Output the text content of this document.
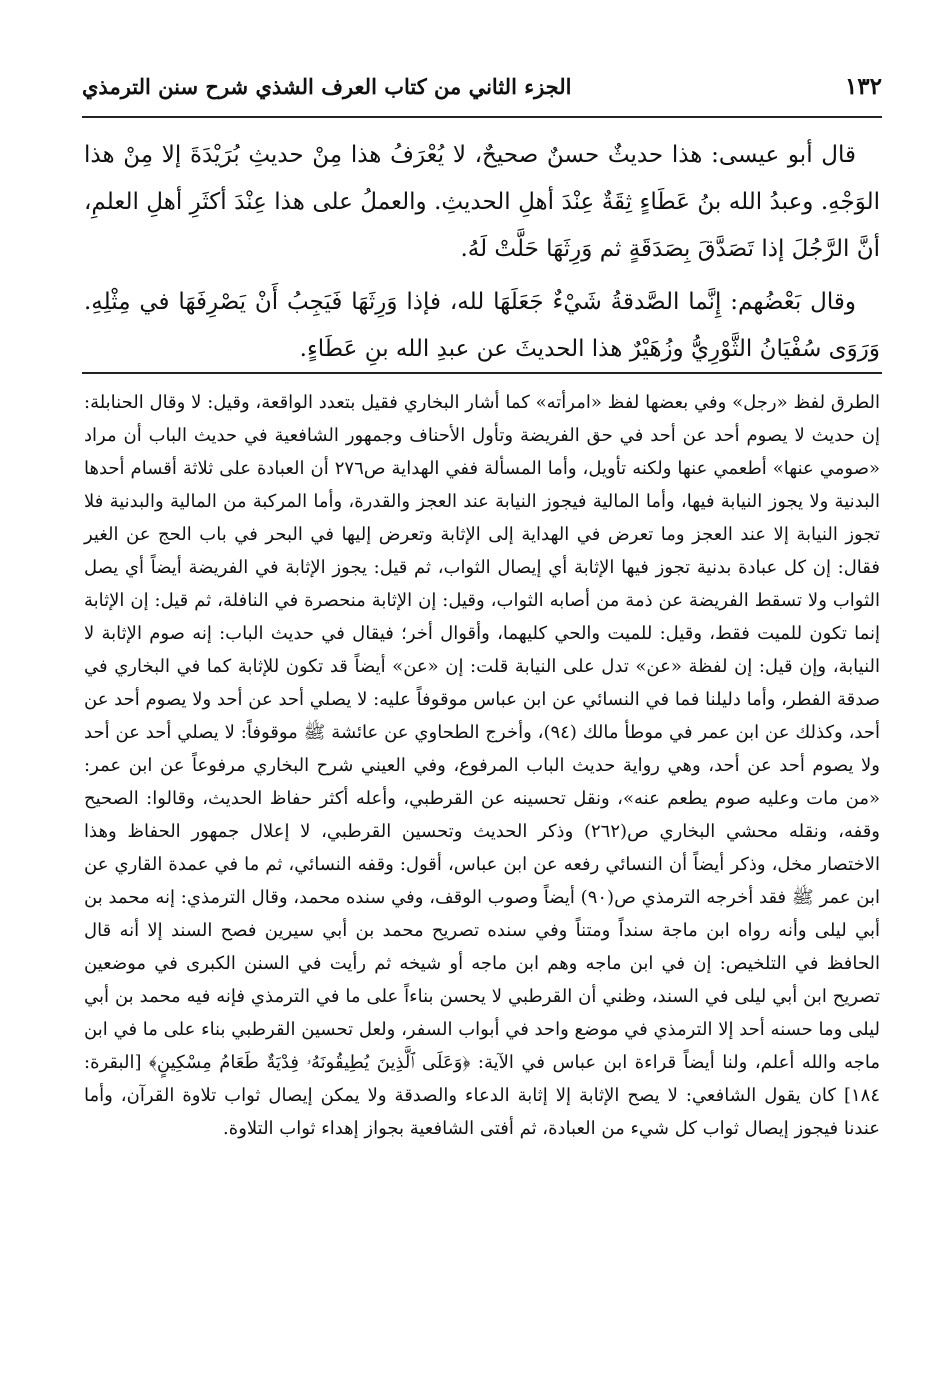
١٣٢
الجزء الثاني من كتاب العرف الشذي شرح سنن الترمذي

قال أبو عيسى: هذا حديثٌ حسنٌ صحيحٌ، لا يُعْرَفُ هذا مِنْ حديثِ بُرَيْدَةَ إلا مِنْ هذا الوَجْهِ. وعبدُ الله بنُ عَطَاءٍ ثِقَةٌ عِنْدَ أهلِ الحديثِ. والعملُ على هذا عِنْدَ أكثَرِ أهلِ العلمِ، أنَّ الرَّجُلَ إذا تَصَدَّقَ بِصَدَقَةٍ ثم وَرِثَهَا حَلَّتْ لَهُ.

وقال بَعْضُهم: إِنَّما الصَّدقةُ شَيْءٌ جَعَلَهَا لله، فإذا وَرِثَهَا فَيَجِبُ أَنْ يَصْرِفَهَا في مِثْلِهِ. وَرَوَى سُفْيَانُ الثَّوْرِيُّ وزُهَيْرٌ هذا الحديثَ عن عبدِ الله بنِ عَطَاءٍ.

الطرق لفظ «رجل» وفي بعضها لفظ «امرأته» كما أشار البخاري فقيل بتعدد الواقعة، وقيل: لا وقال الحنابلة: إن حديث لا يصوم أحد عن أحد في حق الفريضة وتأول الأحناف وجمهور الشافعية في حديث الباب أن مراد «صومي عنها» أطعمي عنها ولكنه تأويل، وأما المسألة ففي الهداية ص٢٧٦ أن العبادة على ثلاثة أقسام أحدها البدنية ولا يجوز النيابة فيها، وأما المالية فيجوز النيابة عند العجز والقدرة، وأما المركبة من المالية والبدنية فلا تجوز النيابة إلا عند العجز وما تعرض في الهداية إلى الإثابة وتعرض إليها في البحر في باب الحج عن الغير فقال: إن كل عبادة بدنية تجوز فيها الإثابة أي إيصال الثواب، ثم قيل: يجوز الإثابة في الفريضة أيضاً أي يصل الثواب ولا تسقط الفريضة عن ذمة من أصابه الثواب، وقيل: إن الإثابة منحصرة في النافلة، ثم قيل: إن الإثابة إنما تكون للميت فقط، وقيل: للميت والحي كليهما، وأقوال أخر؛ فيقال في حديث الباب: إنه صوم الإثابة لا النيابة، وإن قيل: إن لفظة «عن» تدل على النيابة قلت: إن «عن» أيضاً قد تكون للإثابة كما في البخاري في صدقة الفطر، وأما دليلنا فما في النسائي عن ابن عباس موقوفاً عليه: لا يصلي أحد عن أحد ولا يصوم أحد عن أحد، وكذلك عن ابن عمر في موطأ مالك (٩٤)، وأخرج الطحاوي عن عائشة ﷺ موقوفاً: لا يصلي أحد عن أحد ولا يصوم أحد عن أحد، وهي رواية حديث الباب المرفوع، وفي العيني شرح البخاري مرفوعاً عن ابن عمر: «من مات وعليه صوم يطعم عنه»، ونقل تحسينه عن القرطبي، وأعله أكثر حفاظ الحديث، وقالوا: الصحيح وقفه، ونقله محشي البخاري ص(٢٦٢) وذكر الحديث وتحسين القرطبي، لا إعلال جمهور الحفاظ وهذا الاختصار مخل، وذكر أيضاً أن النسائي رفعه عن ابن عباس، أقول: وقفه النسائي، ثم ما في عمدة القاري عن ابن عمر ﷺ فقد أخرجه الترمذي ص(٩٠) أيضاً وصوب الوقف، وفي سنده محمد، وقال الترمذي: إنه محمد بن أبي ليلى وأنه رواه ابن ماجة سنداً ومتناً وفي سنده تصريح محمد بن أبي سيرين فصح السند إلا أنه قال الحافظ في التلخيص: إن في ابن ماجه وهم ابن ماجه أو شيخه ثم رأيت في السنن الكبرى في موضعين تصريح ابن أبي ليلى في السند، وظني أن القرطبي لا يحسن بناءاً على ما في الترمذي فإنه فيه محمد بن أبي ليلى وما حسنه أحد إلا الترمذي في موضع واحد في أبواب السفر، ولعل تحسين القرطبي بناء على ما في ابن ماجه والله أعلم، ولنا أيضاً قراءة ابن عباس في الآية: ﴿وَعَلَى ٱلَّذِينَ يُطِيقُونَهُۥ فِدْيَةٌ طَعَامُ مِسْكِينٍ﴾ [البقرة: ١٨٤] كان يقول الشافعي: لا يصح الإثابة إلا إثابة الدعاء والصدقة ولا يمكن إيصال ثواب تلاوة القرآن، وأما عندنا فيجوز إيصال ثواب كل شيء من العبادة، ثم أفتى الشافعية بجواز إهداء ثواب التلاوة.
